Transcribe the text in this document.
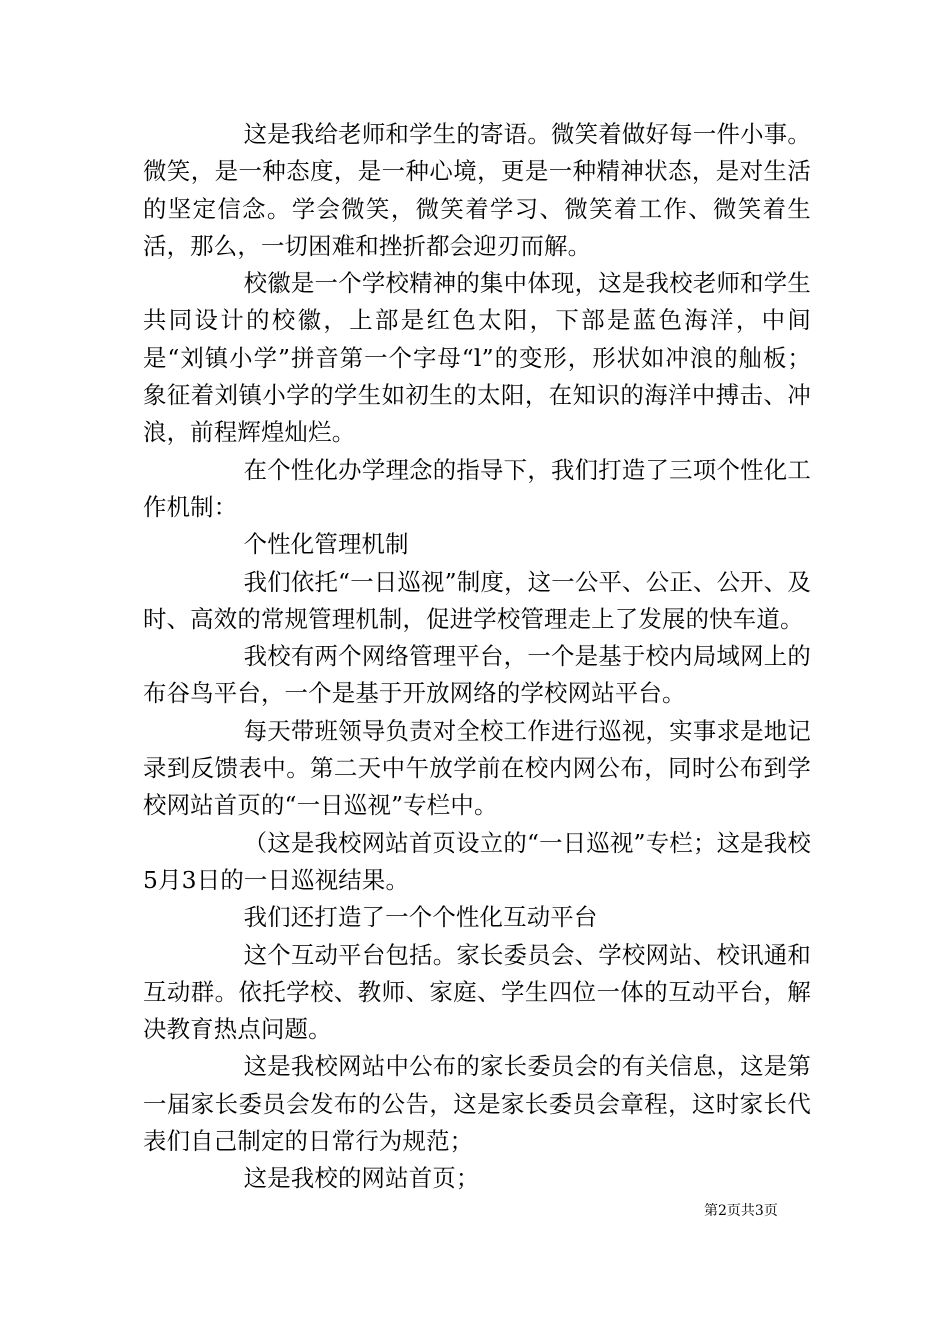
这是我给老师和学生的寄语。微笑着做好每一件小事。微笑，是一种态度，是一种心境，更是一种精神状态，是对生活的坚定信念。学会微笑，微笑着学习、微笑着工作、微笑着生活，那么，一切困难和挫折都会迎刃而解。

校徽是一个学校精神的集中体现，这是我校老师和学生共同设计的校徽，上部是红色太阳，下部是蓝色海洋，中间是“刘镇小学”拼音第一个字母“l”的变形，形状如冲浪的舢板；象征着刘镇小学的学生如初生的太阳，在知识的海洋中搏击、冲浪，前程辉煌灿烂。

在个性化办学理念的指导下，我们打造了三项个性化工作机制：

个性化管理机制

我们依托“一日巡视”制度，这一公平、公正、公开、及时、高效的常规管理机制，促进学校管理走上了发展的快车道。

我校有两个网络管理平台，一个是基于校内局域网上的布谷鸟平台，一个是基于开放网络的学校网站平台。

每天带班领导负责对全校工作进行巡视，实事求是地记录到反馈表中。第二天中午放学前在校内网公布，同时公布到学校网站首页的“一日巡视”专栏中。

（这是我校网站首页设立的“一日巡视”专栏；这是我校5月3日的一日巡视结果。

我们还打造了一个个性化互动平台

这个互动平台包括。家长委员会、学校网站、校讯通和互动群。依托学校、教师、家庭、学生四位一体的互动平台，解决教育热点问题。

这是我校网站中公布的家长委员会的有关信息，这是第一届家长委员会发布的公告，这是家长委员会章程，这时家长代表们自己制定的日常行为规范；

这是我校的网站首页；

第2页共3页
